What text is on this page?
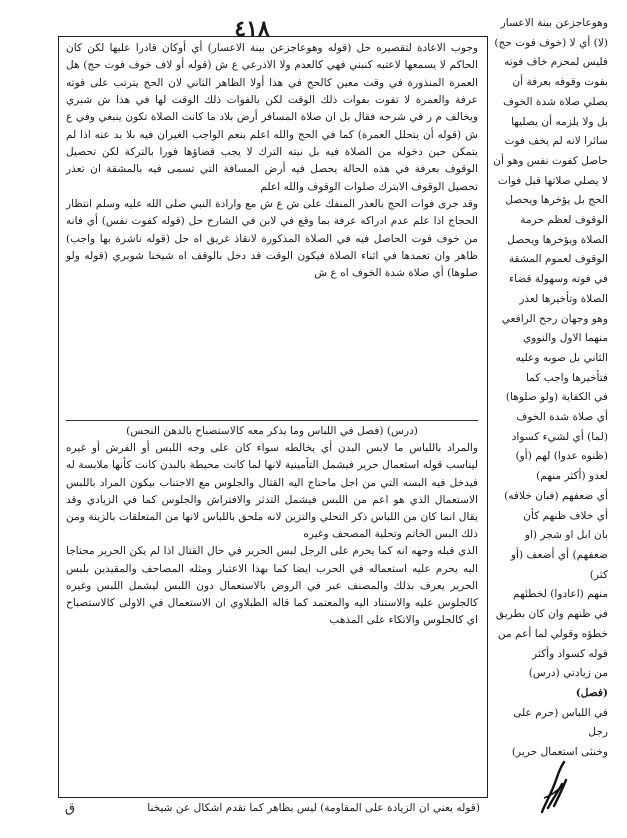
٤١٨

وجوب الاعادة لتقصيره حل (قوله وهوعاجزعن بينة الاعسار) أي أوكان قادرا عليها لكن كان الحاكم لا يسمعها لاعتبه كنبني فهي كالعدم ولا الاذرعي ع ش (قوله أو لاف خوف فوت حج) هل العمرة المنذورة في وقت معين كالحج في هذا أولا الظاهر الثاني لان الحج يترتب على فوته عرفة والعمرة لا تفوت بفوات ذلك الوقت لكن بالفوات ذلك الوقت لها في هذا ش شبري ويخالف م ر في شرحه فقال بل ان صلاة المسافر أرض بلاد ما كانت الصلاة تكون ينبغي وفي ع ش (قوله أن يتحلل العمرة) كما في الحج والله اعلم بنعم الواجب الغيران فيه بلا بد عنه اذا لم يتمكن حين دخوله من الصلاة فيه بل نيته الترك لا يجب قضاؤها فورا بالتركة لكن تحصيل الوقوف بعرفة في هذه الحالة يحصل فيه أرض المسافة التي تسمى فيه بالمشقة ان تعذر تحصيل الوقوف الابترك صلوات الوقوف والله اعلم

وقد جرى فوات الحج بالعذر المنفك على ش ع ش مع وارادة النبي صلى الله عليه وسلم انتظار الحجاج اذا علم عدم ادراكه عرفة بما وقع في لابن في الشارح حل (قوله كفوت نفس) أي فانه من خوف فوت الحاصل فيه في الصلاة المذكورة لانقاذ غريق اه حل (قوله ناشرة بها واجب) ظاهر وان تعمدها في اثناء الصلاة فيكون الوقت قد دخل بالوقف اه شيخنا شوبري (قوله ولو صلوها) أي صلاة شدة الخوف اه ع ش

(درس) (فصل في اللباس وما يذكر معه كالاستصباح بالدهن النجس)

والمراد باللباس ما لابس البدن أي يخالطه سواء كان على وجه اللبس أو الفرش أو غيره ليناسب قوله استعمال حرير فيشمل التأمينية لانها لما كانت محيطة بالبدن كانت كأنها ملابسة له فيدخل فيه البسه التي من اجل ماحتاج اليه القتال والجلوس مع الاجتناب بيكون المراد باللبس الاستعمال الذي هو اعم من اللبس فيشمل التدثر والافتراش والجلوس كما في الزيادي وقد يقال انما كان من اللباس ذكر التحلي والتزين لانه ملحق باللباس لانها من المتعلقات بالزينة ومن ذلك البس الخاتم وتحلية المصحف وغيره

الذي قبله وجهه انه كما يحرم على الرجل لبس الحرير في حال القتال اذا لم يكن الحرير محتاجا اليه يحرم عليه استعماله في الحرب ايضا كما بهذا الاعتبار ومثله المصاحف والمقيدين بلبس الحرير يعرف بذلك والمصنف عبر في الروض بالاستعمال دون اللبس ليشمل اللبس وغيره كالجلوس عليه والاستناد اليه والمعتمد كما قاله الطبلاوي ان الاستعمال في الاولى كالاستصباح اي كالجلوس والاتكاء على المذهب

وهوعاجزعن بينة الاعسار

(لا) أي لا (خوف فوت حج)

فليس لمحرم خاف فوته

بفوت وقوفه بعرفة أن

يصلي صلاة شدة الخوف

بل ولا يلزمه أن يصليها

سائرا لانه لم يخف فوت

حاصل كفوت نفس وهو أن

لا يصلي صلاتها قبل فوات

الحج بل يؤخرها ويحصل

الوقوف لعظم حرمة

الصلاة ويؤخرها ويحصل

الوقوف لعموم المشقة

في فوته وسهولة قضاء

الصلاة وتأخيرها لعذر

وهو وجهان رجح الرافعي

منهما الاول والنووي

الثاني بل صوبه وعليه

فتأخيرها واجب كما

في الكفاية (ولو صلوها)

أي صلاة شدة الخوف

(لما) أي لشيء كسواد

(ظنوه عدوا) لهم (أو)

لعدو (أكثر منهم)

أي ضعفهم (فبان خلافه)

أي خلاف ظنهم كأن

بان ابل او شجر (او

ضعفهم) أي أضعف (أو كثر)

منهم (اعادوا) لخطئهم

في ظنهم وان كان بطريق

خطؤه وقولي لما أعم من

قوله كسواد وأكثر

من زيادتي (درس)

(فصل)

في اللباس (حرم على رجل

وخنثى استعمال حرير)

(قوله يعني ان الزيادة على المقاومة) ليس بظاهر كما تقدم اشكال عن شيخنا
ق
